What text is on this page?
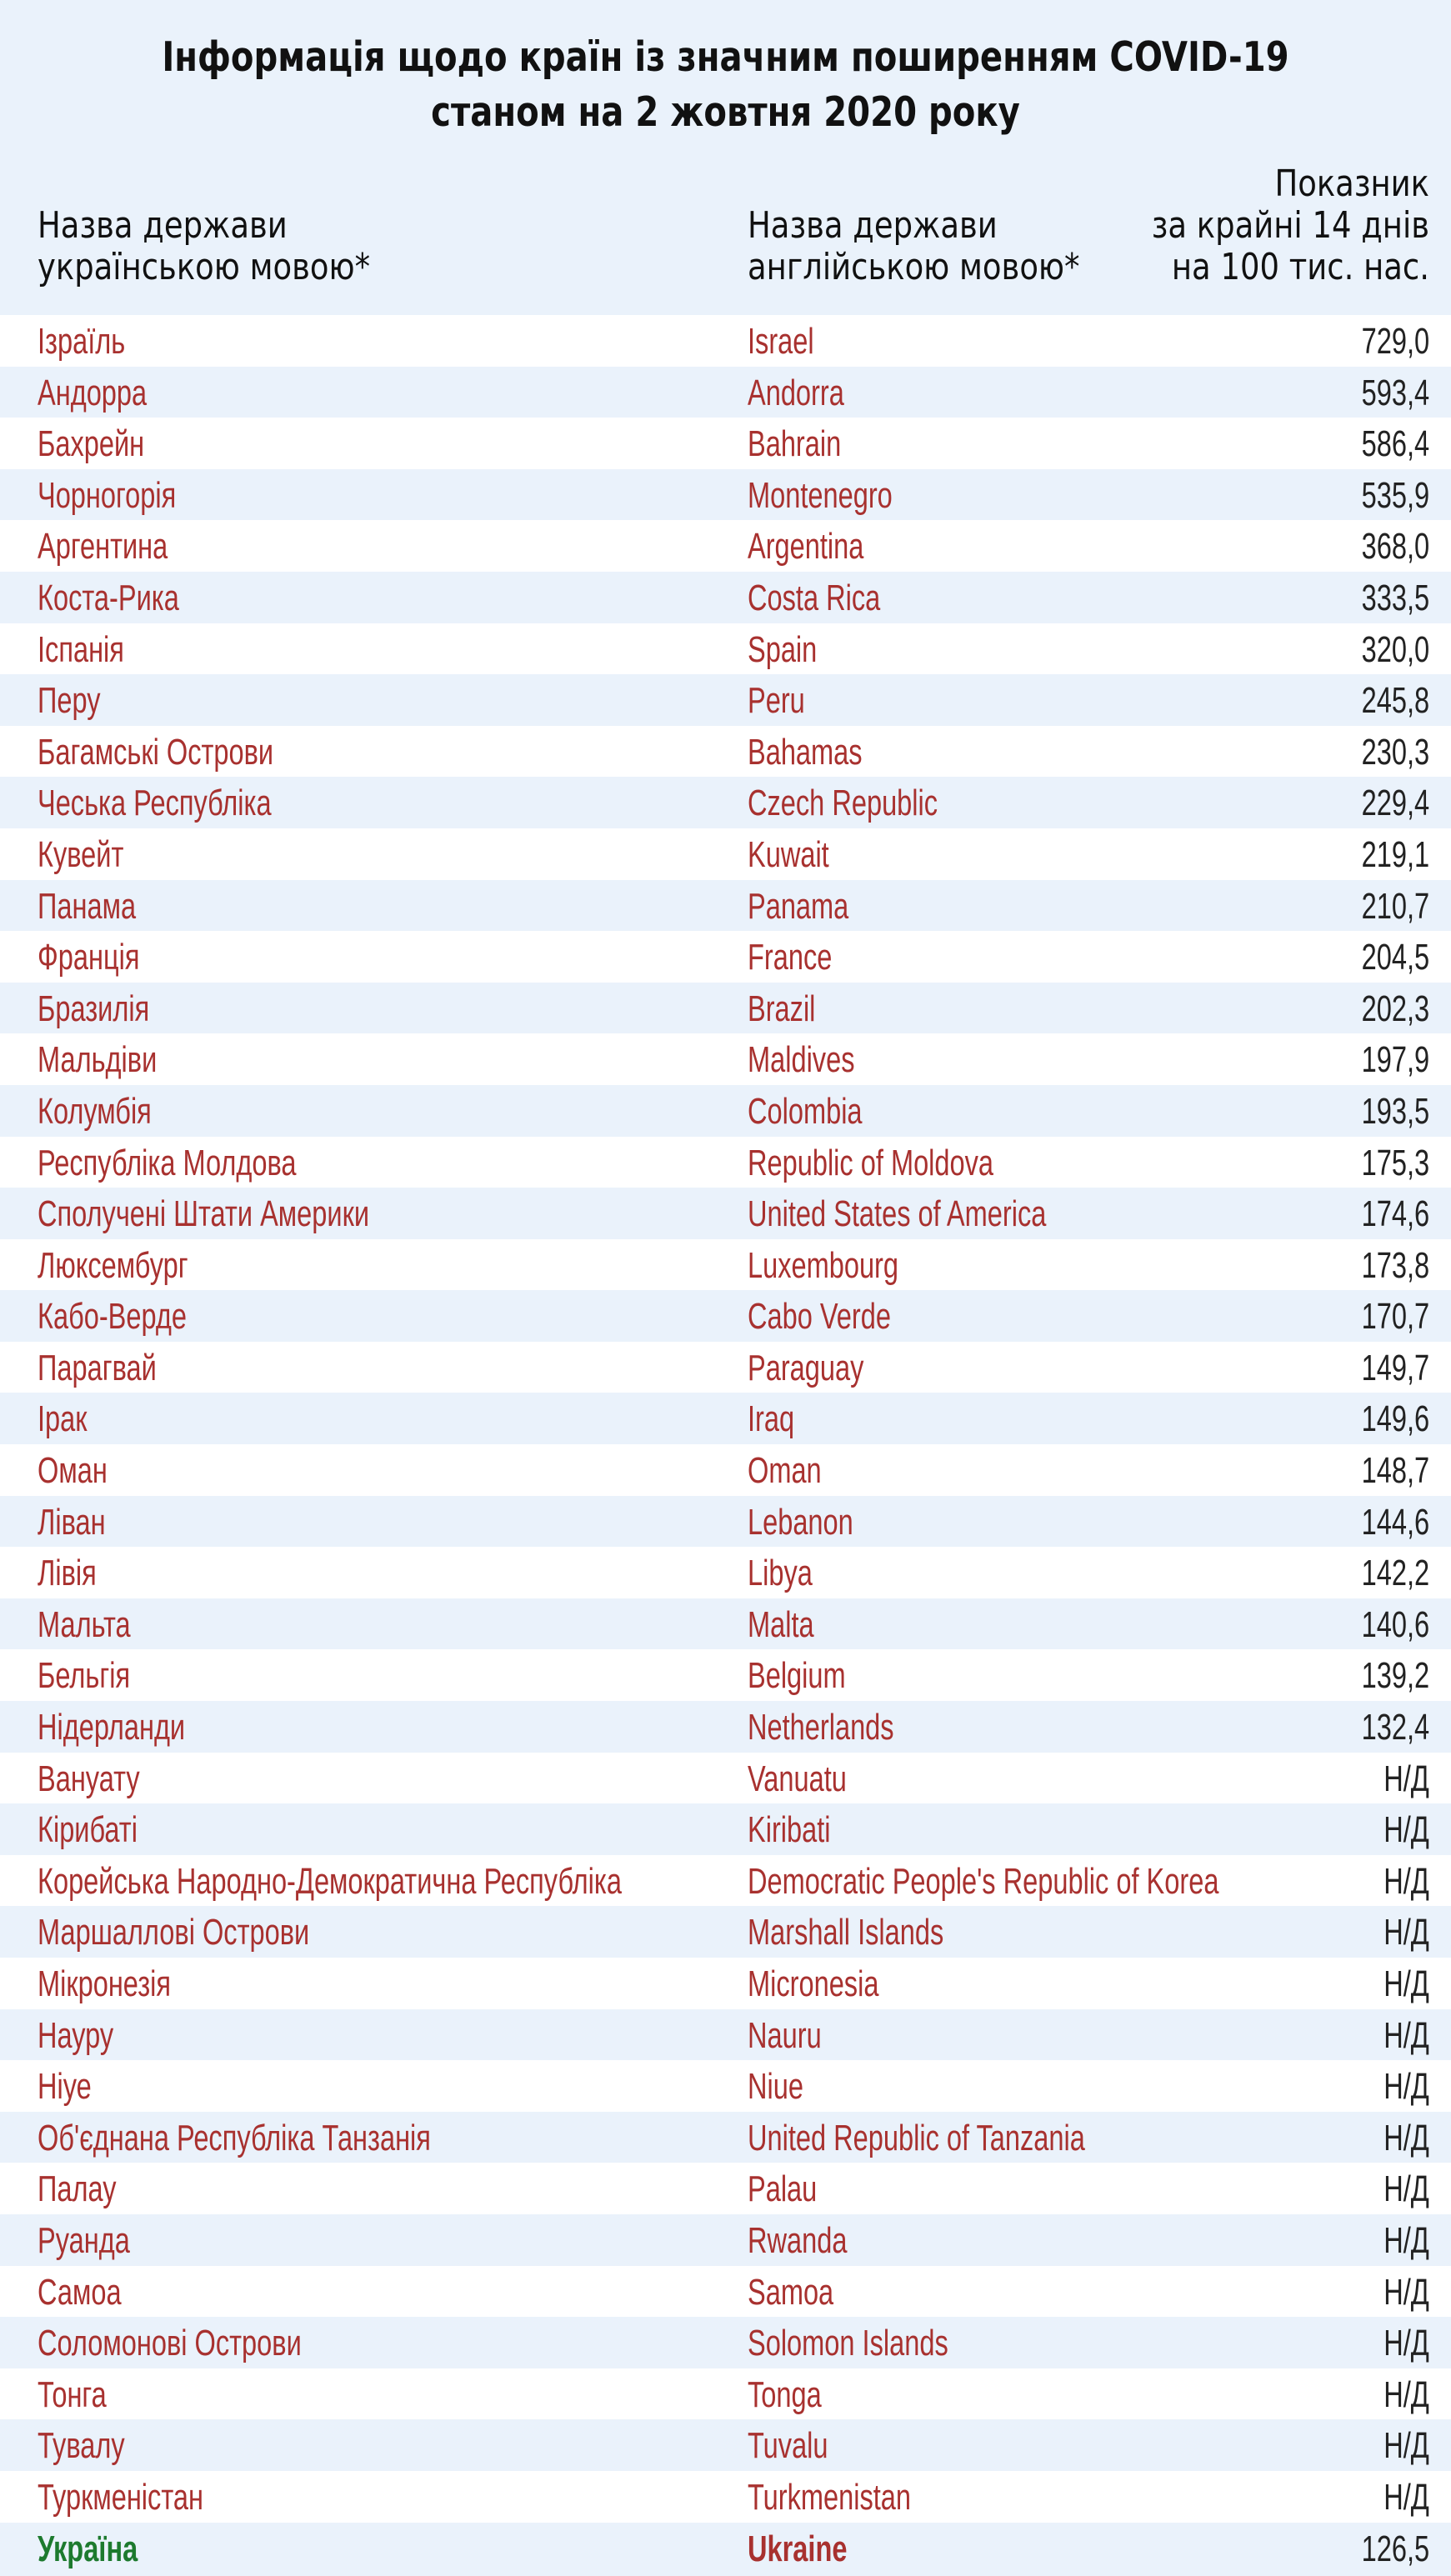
Інформація щодо країн із значним поширенням COVID-19
станом на 2 жовтня 2020 року
Назва держави
українською мовою*
Назва держави
англійською мовою*
Показник
за крайні 14 днів
на 100 тис. нас.
Ізраїль	Israel	729,0
Андорра	Andorra	593,4
Бахрейн	Bahrain	586,4
Чорногорія	Montenegro	535,9
Аргентина	Argentina	368,0
Коста-Рика	Costa Rica	333,5
Іспанія	Spain	320,0
Перу	Peru	245,8
Багамські Острови	Bahamas	230,3
Чеська Республіка	Czech Republic	229,4
Кувейт	Kuwait	219,1
Панама	Panama	210,7
Франція	France	204,5
Бразилія	Brazil	202,3
Мальдіви	Maldives	197,9
Колумбія	Colombia	193,5
Республіка Молдова	Republic of Moldova	175,3
Сполучені Штати Америки	United States of America	174,6
Люксембург	Luxembourg	173,8
Кабо-Верде	Cabo Verde	170,7
Парагвай	Paraguay	149,7
Ірак	Iraq	149,6
Оман	Oman	148,7
Ліван	Lebanon	144,6
Лівія	Libya	142,2
Мальта	Malta	140,6
Бельгія	Belgium	139,2
Нідерланди	Netherlands	132,4
Вануату	Vanuatu	Н/Д
Кірибаті	Kiribati	Н/Д
Корейська Народно-Демократична Республіка	Democratic People's Republic of Korea	Н/Д
Маршаллові Острови	Marshall Islands	Н/Д
Мікронезія	Micronesia	Н/Д
Науру	Nauru	Н/Д
Ніуе	Niue	Н/Д
Об'єднана Республіка Танзанія	United Republic of Tanzania	Н/Д
Палау	Palau	Н/Д
Руанда	Rwanda	Н/Д
Самоа	Samoa	Н/Д
Соломонові Острови	Solomon Islands	Н/Д
Тонга	Tonga	Н/Д
Тувалу	Tuvalu	Н/Д
Туркменістан	Turkmenistan	Н/Д
Україна	Ukraine	126,5
